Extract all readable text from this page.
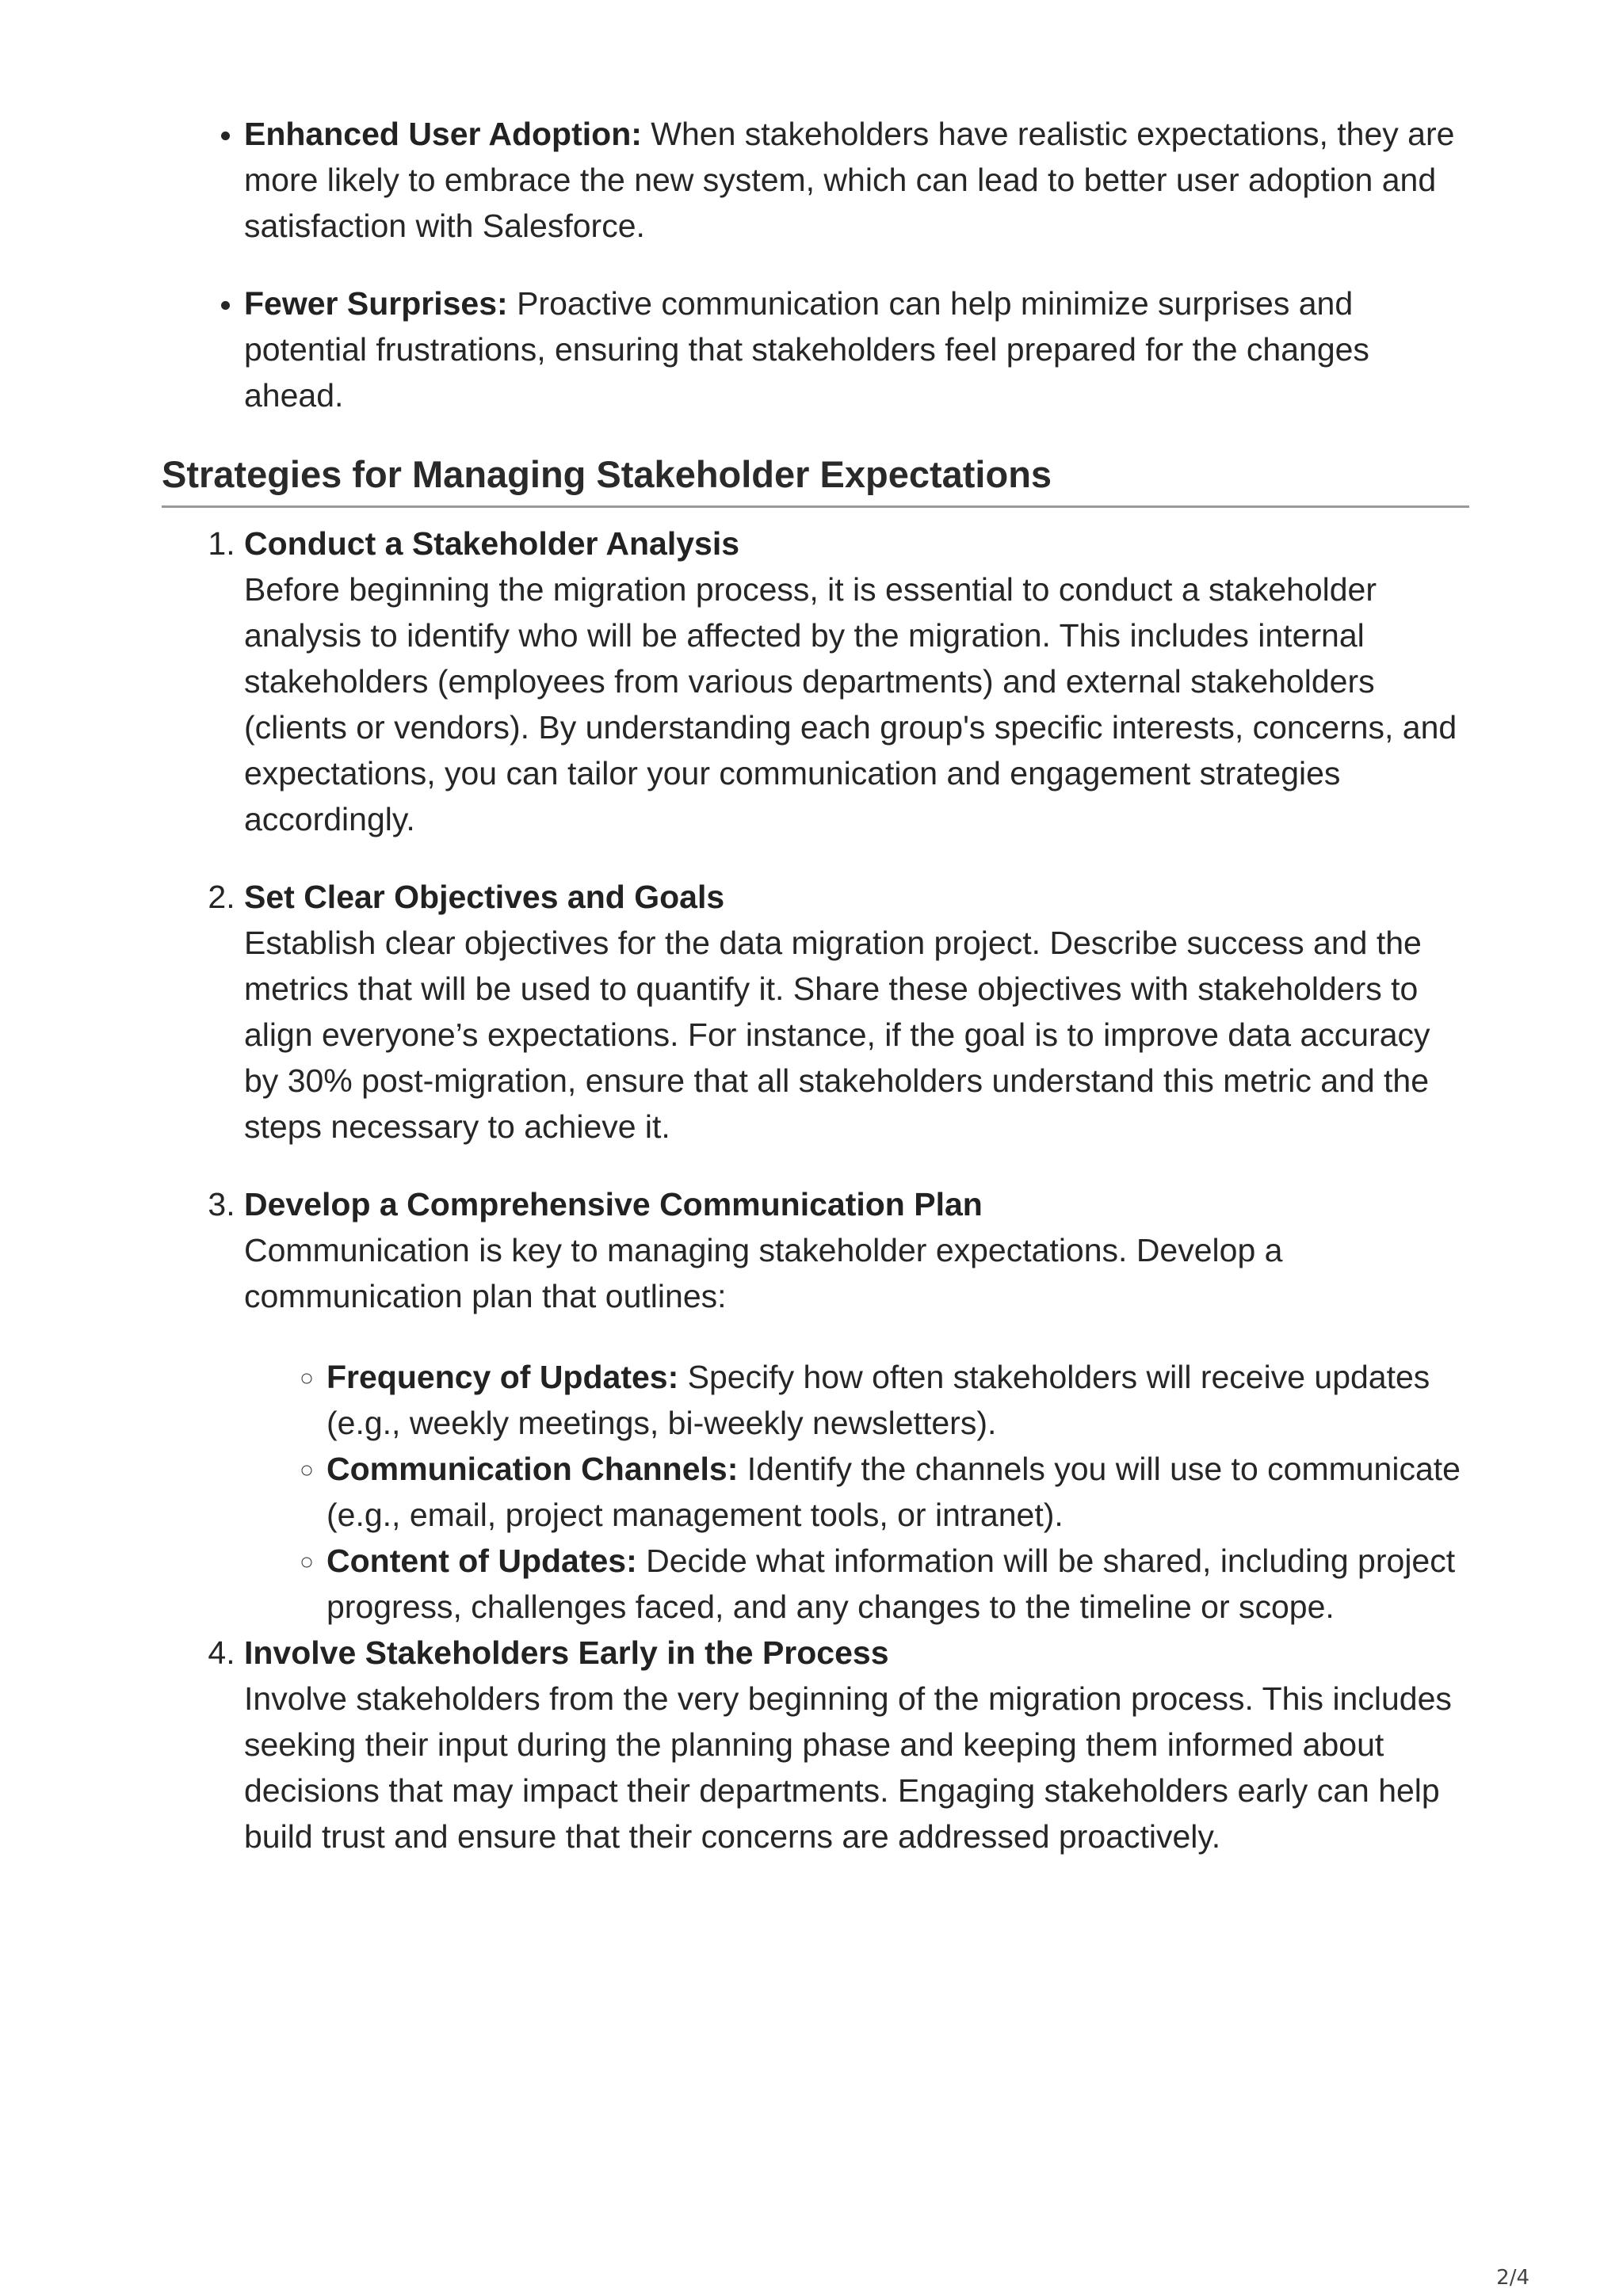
• Enhanced User Adoption: When stakeholders have realistic expectations, they are more likely to embrace the new system, which can lead to better user adoption and satisfaction with Salesforce.
• Fewer Surprises: Proactive communication can help minimize surprises and potential frustrations, ensuring that stakeholders feel prepared for the changes ahead.
Strategies for Managing Stakeholder Expectations
1. Conduct a Stakeholder Analysis
Before beginning the migration process, it is essential to conduct a stakeholder analysis to identify who will be affected by the migration. This includes internal stakeholders (employees from various departments) and external stakeholders (clients or vendors). By understanding each group's specific interests, concerns, and expectations, you can tailor your communication and engagement strategies accordingly.
2. Set Clear Objectives and Goals
Establish clear objectives for the data migration project. Describe success and the metrics that will be used to quantify it. Share these objectives with stakeholders to align everyone’s expectations. For instance, if the goal is to improve data accuracy by 30% post-migration, ensure that all stakeholders understand this metric and the steps necessary to achieve it.
3. Develop a Comprehensive Communication Plan
Communication is key to managing stakeholder expectations. Develop a communication plan that outlines:
◦ Frequency of Updates: Specify how often stakeholders will receive updates (e.g., weekly meetings, bi-weekly newsletters).
◦ Communication Channels: Identify the channels you will use to communicate (e.g., email, project management tools, or intranet).
◦ Content of Updates: Decide what information will be shared, including project progress, challenges faced, and any changes to the timeline or scope.
4. Involve Stakeholders Early in the Process
Involve stakeholders from the very beginning of the migration process. This includes seeking their input during the planning phase and keeping them informed about decisions that may impact their departments. Engaging stakeholders early can help build trust and ensure that their concerns are addressed proactively.
2/4
